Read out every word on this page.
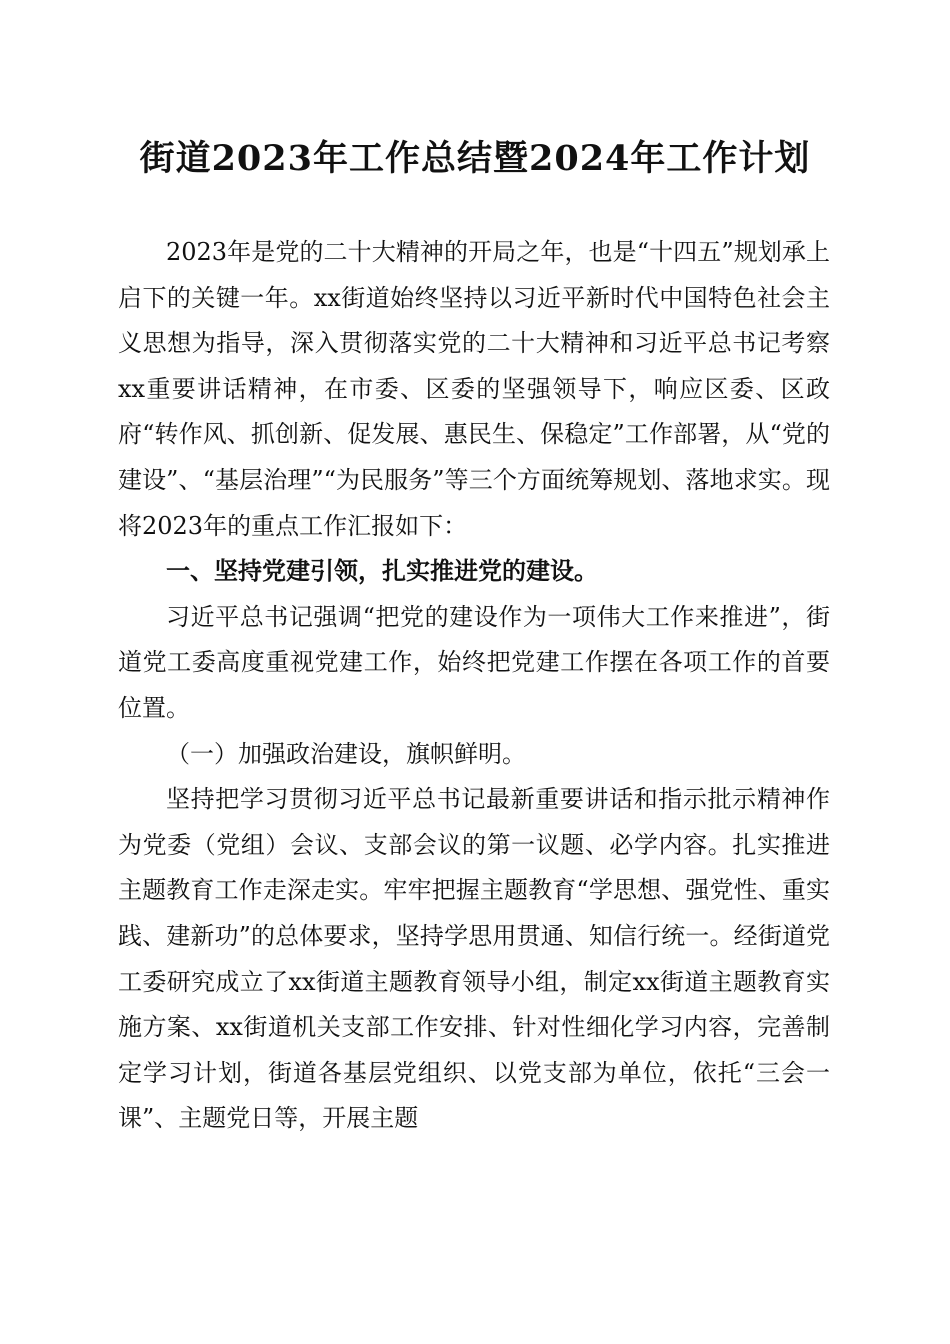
街道2023年工作总结暨2024年工作计划

2023年是党的二十大精神的开局之年，也是“十四五”规划承上启下的关键一年。xx街道始终坚持以习近平新时代中国特色社会主义思想为指导，深入贯彻落实党的二十大精神和习近平总书记考察xx重要讲话精神，在市委、区委的坚强领导下，响应区委、区政府“转作风、抓创新、促发展、惠民生、保稳定”工作部署，从“党的建设”、“基层治理”“为民服务”等三个方面统筹规划、落地求实。现将2023年的重点工作汇报如下：

一、坚持党建引领，扎实推进党的建设。

习近平总书记强调“把党的建设作为一项伟大工作来推进”，街道党工委高度重视党建工作，始终把党建工作摆在各项工作的首要位置。

（一）加强政治建设，旗帜鲜明。

坚持把学习贯彻习近平总书记最新重要讲话和指示批示精神作为党委（党组）会议、支部会议的第一议题、必学内容。扎实推进主题教育工作走深走实。牢牢把握主题教育“学思想、强党性、重实践、建新功”的总体要求，坚持学思用贯通、知信行统一。经街道党工委研究成立了xx街道主题教育领导小组，制定xx街道主题教育实施方案、xx街道机关支部工作安排、针对性细化学习内容，完善制定学习计划，街道各基层党组织、以党支部为单位，依托“三会一课”、主题党日等，开展主题
